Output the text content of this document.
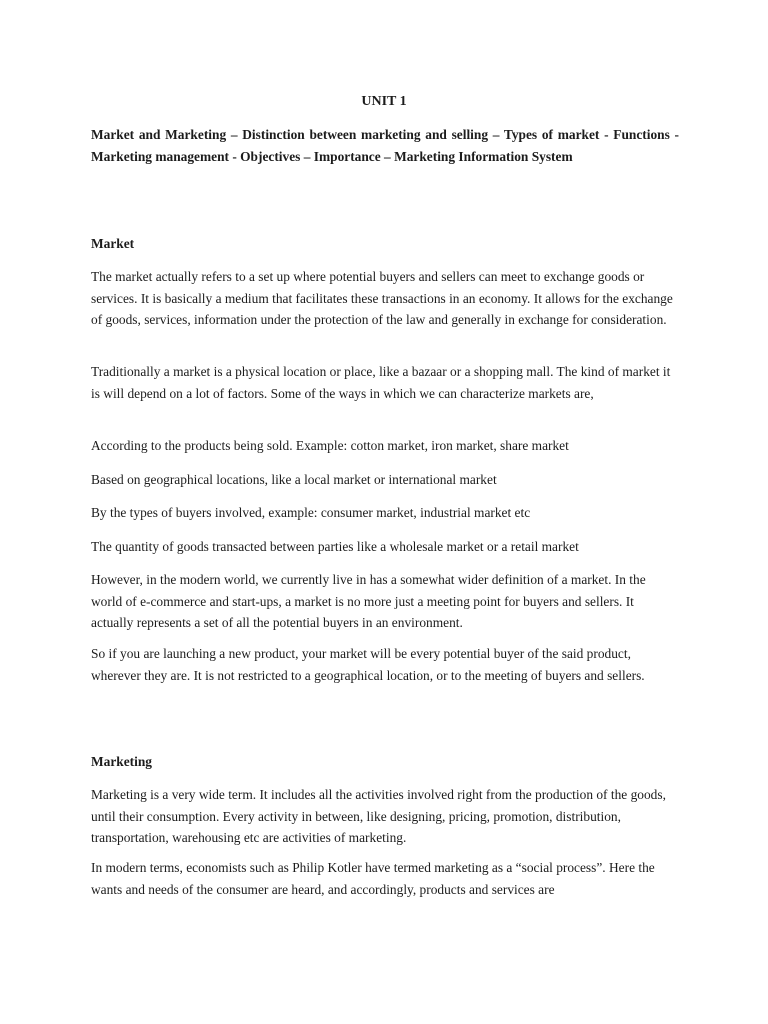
UNIT 1

Market and Marketing – Distinction between marketing and selling – Types of market - Functions - Marketing management - Objectives – Importance – Marketing Information System

Market

The market actually refers to a set up where potential buyers and sellers can meet to exchange goods or services. It is basically a medium that facilitates these transactions in an economy. It allows for the exchange of goods, services, information under the protection of the law and generally in exchange for consideration.

Traditionally a market is a physical location or place, like a bazaar or a shopping mall. The kind of market it is will depend on a lot of factors. Some of the ways in which we can characterize markets are,

According to the products being sold. Example: cotton market, iron market, share market

Based on geographical locations, like a local market or international market

By the types of buyers involved, example: consumer market, industrial market etc

The quantity of goods transacted between parties like a wholesale market or a retail market

However, in the modern world, we currently live in has a somewhat wider definition of a market. In the world of e-commerce and start-ups, a market is no more just a meeting point for buyers and sellers. It actually represents a set of all the potential buyers in an environment.

So if you are launching a new product, your market will be every potential buyer of the said product, wherever they are. It is not restricted to a geographical location, or to the meeting of buyers and sellers.

Marketing

Marketing is a very wide term. It includes all the activities involved right from the production of the goods, until their consumption. Every activity in between, like designing, pricing, promotion, distribution, transportation, warehousing etc are activities of marketing.

In modern terms, economists such as Philip Kotler have termed marketing as a “social process”. Here the wants and needs of the consumer are heard, and accordingly, products and services are
